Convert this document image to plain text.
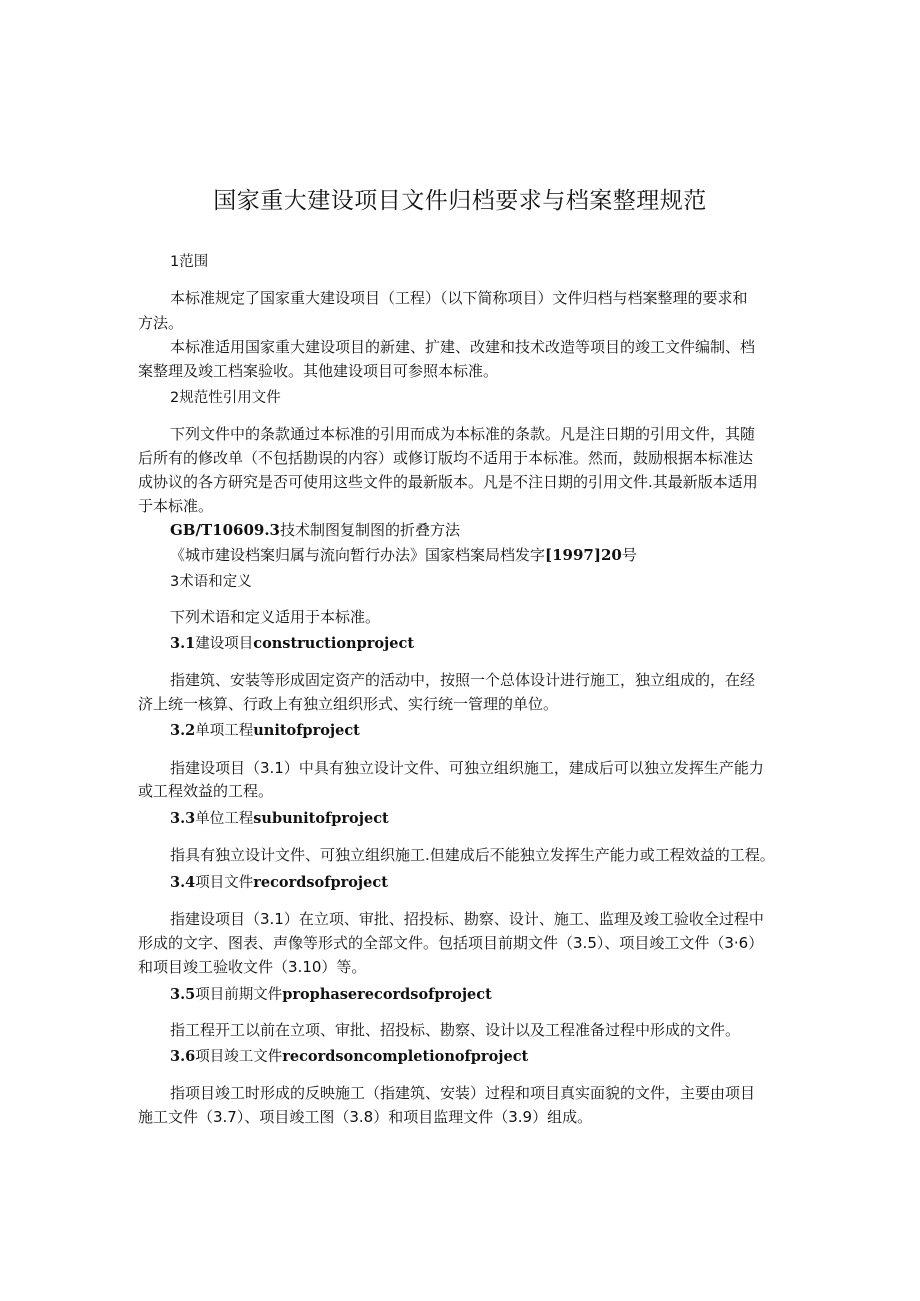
国家重大建设项目文件归档要求与档案整理规范
1范围
本标准规定了国家重大建设项目（工程）（以下简称项目）文件归档与档案整理的要求和
方法。
本标准适用国家重大建设项目的新建、扩建、改建和技术改造等项目的竣工文件编制、档
案整理及竣工档案验收。其他建设项目可参照本标准。
2规范性引用文件
下列文件中的条款通过本标准的引用而成为本标准的条款。凡是注日期的引用文件，其随
后所有的修改单（不包括勘误的内容）或修订版均不适用于本标准。然而，鼓励根据本标准达
成协议的各方研究是否可使用这些文件的最新版本。凡是不注日期的引用文件.其最新版本适用
于本标准。
GB/T10609.3技术制图复制图的折叠方法
《城市建设档案归属与流向暂行办法》国家档案局档发字[1997]20号
3术语和定义
下列术语和定义适用于本标准。
3.1建设项目constructionproject
指建筑、安装等形成固定资产的活动中，按照一个总体设计进行施工，独立组成的，在经
济上统一核算、行政上有独立组织形式、实行统一管理的单位。
3.2单项工程unitofproject
指建设项目（3.1）中具有独立设计文件、可独立组织施工，建成后可以独立发挥生产能力
或工程效益的工程。
3.3单位工程subunitofproject
指具有独立设计文件、可独立组织施工.但建成后不能独立发挥生产能力或工程效益的工程。
3.4项目文件recordsofproject
指建设项目（3.1）在立项、审批、招投标、勘察、设计、施工、监理及竣工验收全过程中
形成的文字、图表、声像等形式的全部文件。包括项目前期文件（3.5）、项目竣工文件（3·6）
和项目竣工验收文件（3.10）等。
3.5项目前期文件prophaserecordsofproject
指工程开工以前在立项、审批、招投标、勘察、设计以及工程准备过程中形成的文件。
3.6项目竣工文件recordsoncompletionofproject
指项目竣工时形成的反映施工（指建筑、安装）过程和项目真实面貌的文件，主要由项目
施工文件（3.7）、项目竣工图（3.8）和项目监理文件（3.9）组成。
